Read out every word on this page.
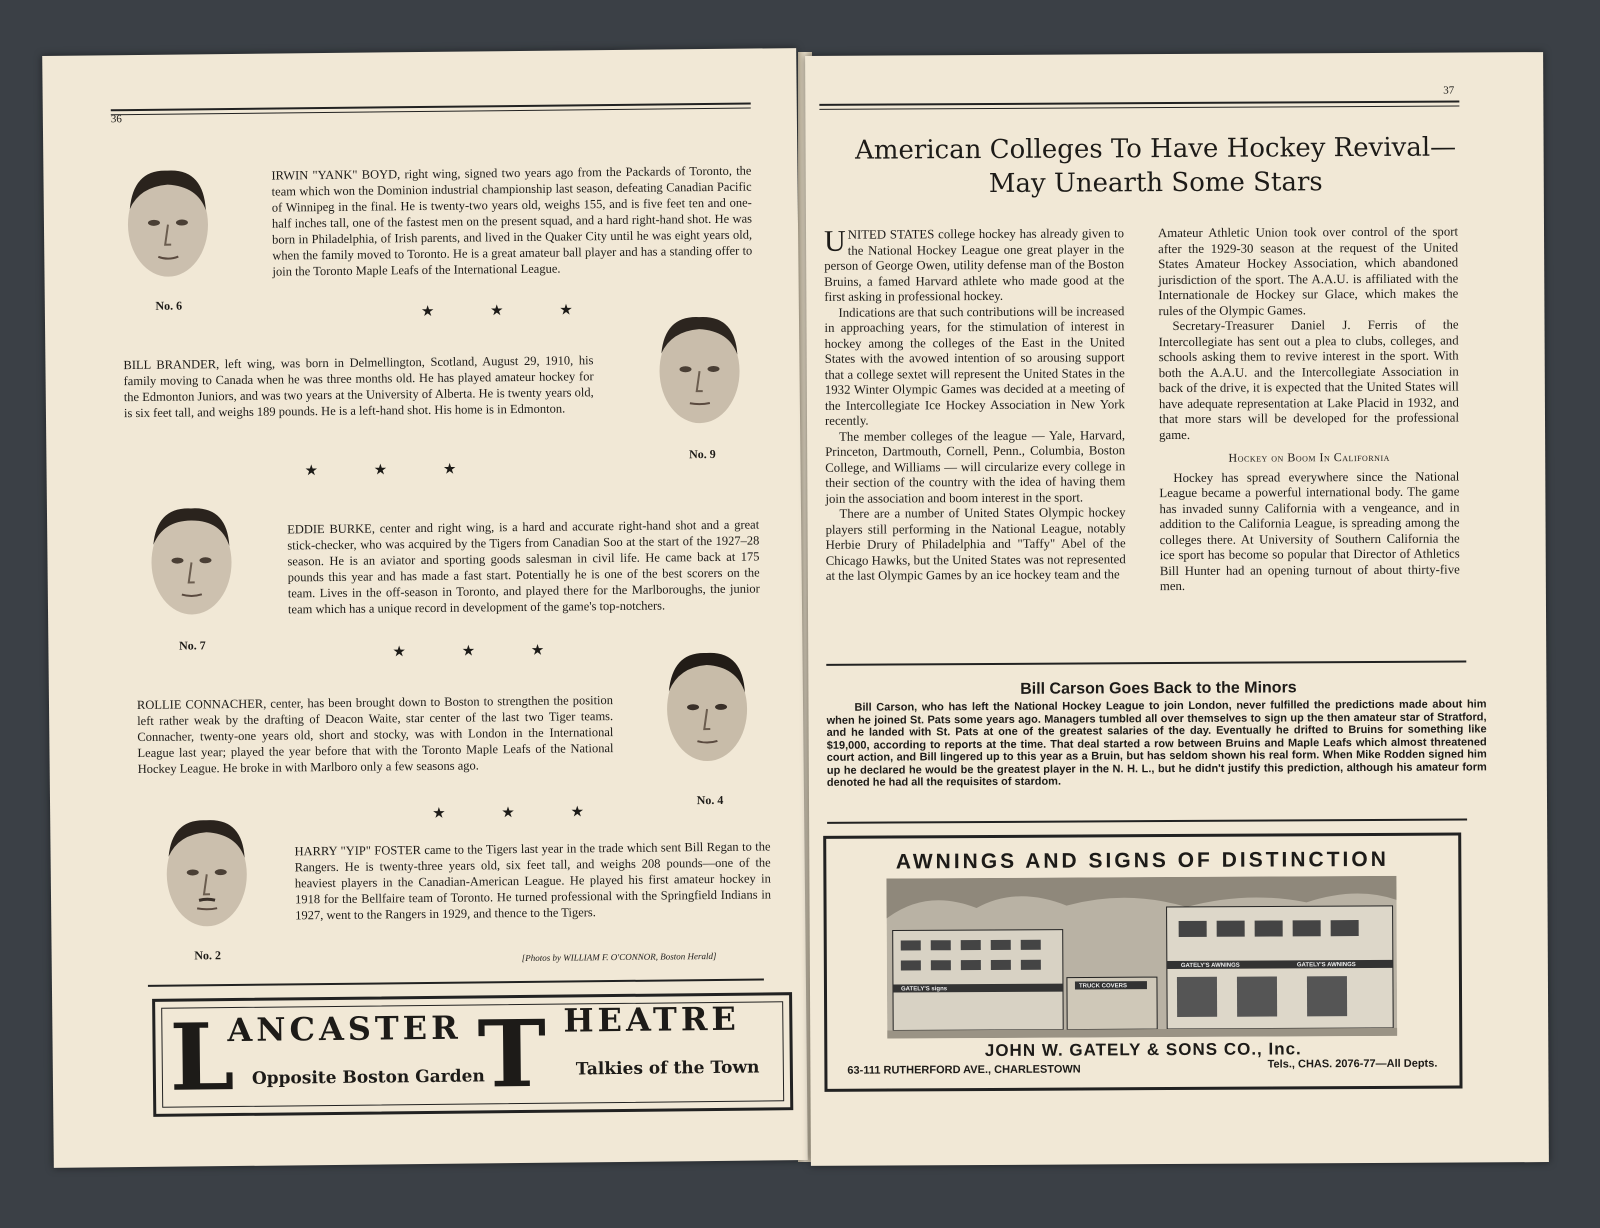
36
No. 6
IRWIN "YANK" BOYD, right wing, signed two years ago from the Packards of Toronto, the team which won the Dominion industrial championship last season, defeating Canadian Pacific of Winnipeg in the final. He is twenty-two years old, weighs 155, and is five feet ten and one-half inches tall, one of the fastest men on the present squad, and a hard right-hand shot. He was born in Philadelphia, of Irish parents, and lived in the Quaker City until he was eight years old, when the family moved to Toronto. He is a great amateur ball player and has a standing offer to join the Toronto Maple Leafs of the International League.
★ ★ ★
No. 9
BILL BRANDER, left wing, was born in Delmellington, Scotland, August 29, 1910, his family moving to Canada when he was three months old. He has played amateur hockey for the Edmonton Juniors, and was two years at the University of Alberta. He is twenty years old, is six feet tall, and weighs 189 pounds. He is a left-hand shot. His home is in Edmonton.
★ ★ ★
No. 7
EDDIE BURKE, center and right wing, is a hard and accurate right-hand shot and a great stick-checker, who was acquired by the Tigers from Canadian Soo at the start of the 1927–28 season. He is an aviator and sporting goods salesman in civil life. He came back at 175 pounds this year and has made a fast start. Potentially he is one of the best scorers on the team. Lives in the off-season in Toronto, and played there for the Marlboroughs, the junior team which has a unique record in development of the game's top-notchers.
★ ★ ★
No. 4
ROLLIE CONNACHER, center, has been brought down to Boston to strengthen the position left rather weak by the drafting of Deacon Waite, star center of the last two Tiger teams. Connacher, twenty-one years old, short and stocky, was with London in the International League last year; played the year before that with the Toronto Maple Leafs of the National Hockey League. He broke in with Marlboro only a few seasons ago.
★ ★ ★
No. 2
HARRY "YIP" FOSTER came to the Tigers last year in the trade which sent Bill Regan to the Rangers. He is twenty-three years old, six feet tall, and weighs 208 pounds—one of the heaviest players in the Canadian-American League. He played his first amateur hockey in 1918 for the Bellfaire team of Toronto. He turned professional with the Springfield Indians in 1927, went to the Rangers in 1929, and thence to the Tigers.
[Photos by WILLIAM F. O'CONNOR, Boston Herald]
L
ANCASTER T HEATRE
Opposite Boston Garden	Talkies of the Town
37
American Colleges To Have Hockey Revival—
May Unearth Some Stars

UNITED STATES college hockey has already given to the National Hockey League one great player in the person of George Owen, utility defense man of the Boston Bruins, a famed Harvard athlete who made good at the first asking in professional hockey.

Indications are that such contributions will be increased in approaching years, for the stimulation of interest in hockey among the colleges of the East in the United States with the avowed intention of so arousing support that a college sextet will represent the United States in the 1932 Winter Olympic Games was decided at a meeting of the Intercollegiate Ice Hockey Association in New York recently.

The member colleges of the league — Yale, Harvard, Princeton, Dartmouth, Cornell, Penn., Columbia, Boston College, and Williams — will circularize every college in their section of the country with the idea of having them join the association and boom interest in the sport.

There are a number of United States Olympic hockey players still performing in the National League, notably Herbie Drury of Philadelphia and "Taffy" Abel of the Chicago Hawks, but the United States was not represented at the last Olympic Games by an ice hockey team and the

Amateur Athletic Union took over control of the sport after the 1929-30 season at the request of the United States Amateur Hockey Association, which abandoned jurisdiction of the sport. The A.A.U. is affiliated with the Internationale de Hockey sur Glace, which makes the rules of the Olympic Games.

Secretary-Treasurer Daniel J. Ferris of the Intercollegiate has sent out a plea to clubs, colleges, and schools asking them to revive interest in the sport. With both the A.A.U. and the Intercollegiate Association in back of the drive, it is expected that the United States will have adequate representation at Lake Placid in 1932, and that more stars will be developed for the professional game.

Hockey on Boom In California

Hockey has spread everywhere since the National League became a powerful international body. The game has invaded sunny California with a vengeance, and in addition to the California League, is spreading among the colleges there. At University of Southern California the ice sport has become so popular that Director of Athletics Bill Hunter had an opening turnout of about thirty-five men.

Bill Carson Goes Back to the Minors
Bill Carson, who has left the National Hockey League to join London, never fulfilled the predictions made about him when he joined St. Pats some years ago. Managers tumbled all over themselves to sign up the then amateur star of Stratford, and he landed with St. Pats at one of the greatest salaries of the day. Eventually he drifted to Bruins for something like $19,000, according to reports at the time. That deal started a row between Bruins and Maple Leafs which almost threatened court action, and Bill lingered up to this year as a Bruin, but has seldom shown his real form. When Mike Rodden signed him up he declared he would be the greatest player in the N. H. L., but he didn't justify this prediction, although his amateur form denoted he had all the requisites of stardom.
AWNINGS AND SIGNS OF DISTINCTION
GATELY'S signs	TRUCK COVERS
GATELY'S AWNINGS	GATELY'S AWNINGS
JOHN W. GATELY & SONS CO., Inc.
63-111 RUTHERFORD AVE., CHARLESTOWN	Tels., CHAS. 2076-77—All Depts.
